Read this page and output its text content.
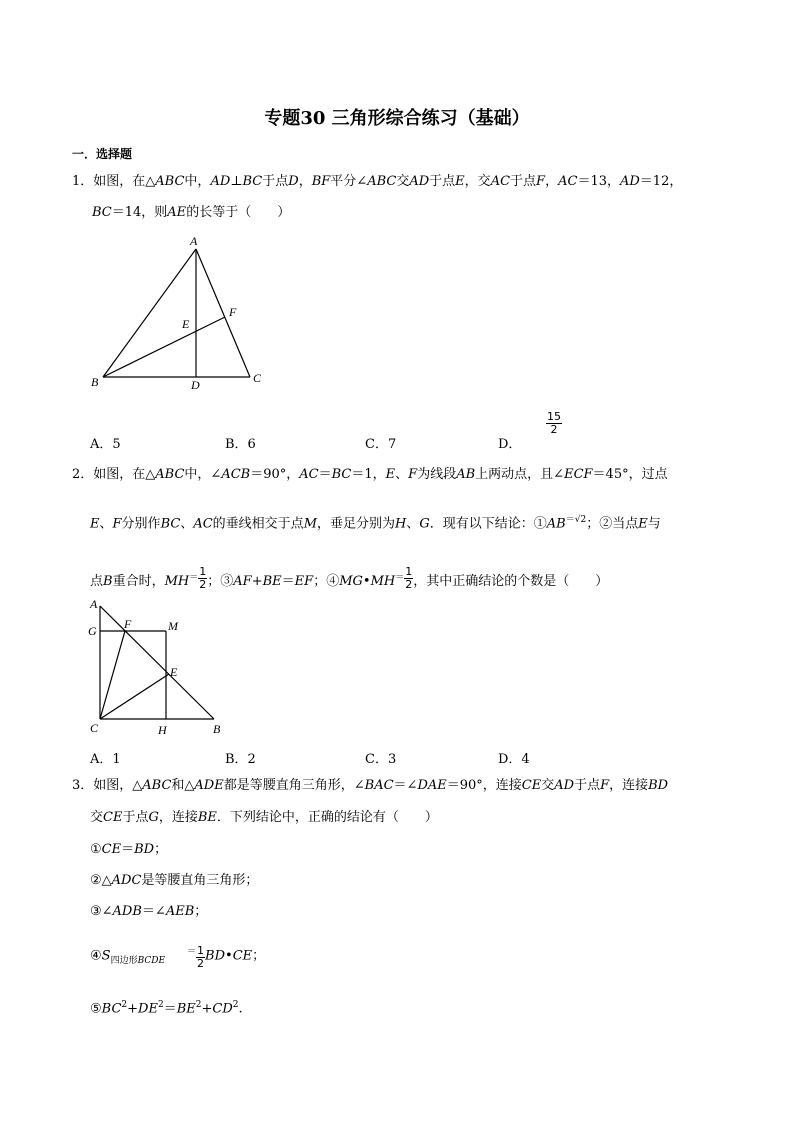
专题30 三角形综合练习（基础）
一．选择题
1．如图，在△ABC中，AD⊥BC于点D，BF平分∠ABC交AD于点E，交AC于点F，AC＝13，AD＝12，
BC＝14，则AE的长等于（　　）
A
B	C
D
E
F
A．5	B．6	C．7	D．
$\frac{15}{2}$
2．如图，在△ABC中，∠ACB＝90°，AC＝BC＝1，E、F为线段AB上两动点，且∠ECF＝45°，过点
E、F分别作BC、AC的垂线相交于点M，垂足分别为H、G．现有以下结论：$①AB^{=√2}$；②当点E与
点B重合时，$MH^= \frac{1}{2}$ ；③AF+BE＝EF；④MG•MH＝ $\frac{1}{2}$ ，其中正确结论的个数是（　　）
A
G F	M
E
C	H	B
A．1	B．2	C．3	D．4
3．如图，△ABC和△ADE都是等腰直角三角形，∠BAC＝∠DAE＝90°，连接CE交AD于点F，连接BD
交CE于点G，连接BE．下列结论中，正确的结论有（　　）
①CE＝BD；
②△ADC是等腰直角三角形；
③∠ADB＝∠AEB；
$④S_{四边形BCDE}^= \frac{1}{2}$ BD•CE；
$⑤BC^2+DE^2=BE^2+CD^2$.
